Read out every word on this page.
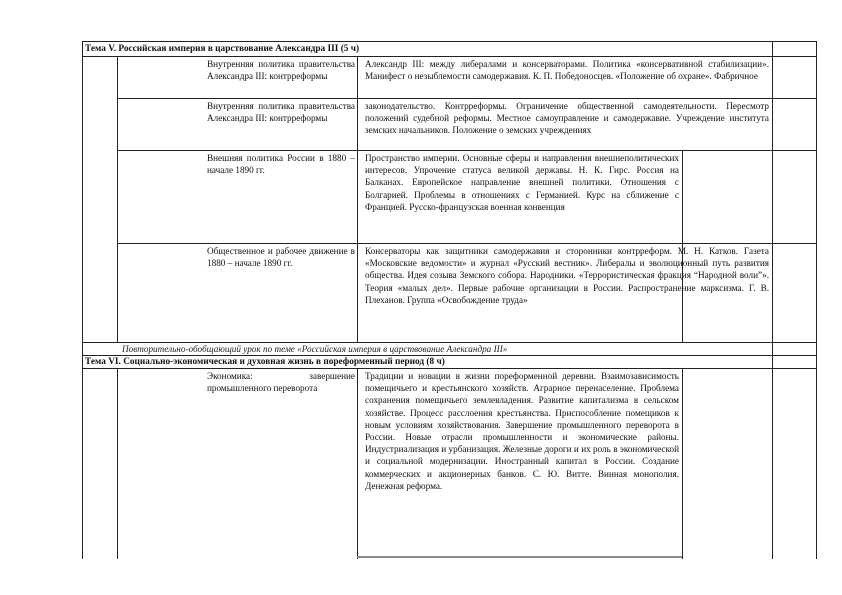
Тема V. Российская империя в царствование Александра III (5 ч)
Внутренняя политика правительства Александра III: контрреформы
Александр III: между либералами и консерваторами. Политика «консервативной стабилизации». Манифест о незыблемости самодержавия. К. П. Победоносцев. «Положение об охране». Фабричное
Внутренняя политика правительства Александра III: контрреформы
законодательство. Контрреформы. Ограничение общественной самодеятельности. Пересмотр положений судебной реформы. Местное самоуправление и самодержавие. Учреждение института земских начальников. Положение о земских учреждениях
Внешняя политика России в 1880 – начале 1890 гг.
Пространство империи. Основные сферы и направления внешнеполитических интересов. Упрочение статуса великой державы. Н. К. Гирс. Россия на Балканах. Европейское направление внешней политики. Отношения с Болгарией. Проблемы в отношениях с Германией. Курс на сближение с Францией. Русско-французская военная конвенция
Общественное и рабочее движение в 1880 – начале 1890 гг.
Консерваторы как защитники самодержавия и сторонники контрреформ. М. Н. Катков. Газета «Московские ведомости» и журнал «Русский вестник». Либералы и эволюционный путь развития общества. Идея созыва Земского собора. Народники. «Террористическая фракция “Народной воли”». Теория «малых дел». Первые рабочие организации в России. Распространение марксизма. Г. В. Плеханов. Группа «Освобождение труда»
Повторительно-обобщающий урок по теме «Российская империя в царствование Александра III»
Тема VI. Социально-экономическая и духовная жизнь в пореформенный период (8 ч)
Экономика: завершение промышленного переворота
Традиции и новации в жизни пореформенной деревни. Взаимозависимость помещичьего и крестьянского хозяйств. Аграрное перенаселение. Проблема сохранения помещичьего землевладения. Развитие капитализма в сельском хозяйстве. Процесс расслоения крестьянства. Приспособление помещиков к новым условиям хозяйствования. Завершение промышленного переворота в России. Новые отрасли промышленности и экономические районы. Индустриализация и урбанизация. Железные дороги и их роль в экономической и социальной модернизации. Иностранный капитал в России. Создание коммерческих и акционерных банков. С. Ю. Витте. Винная монополия. Денежная реформа.
